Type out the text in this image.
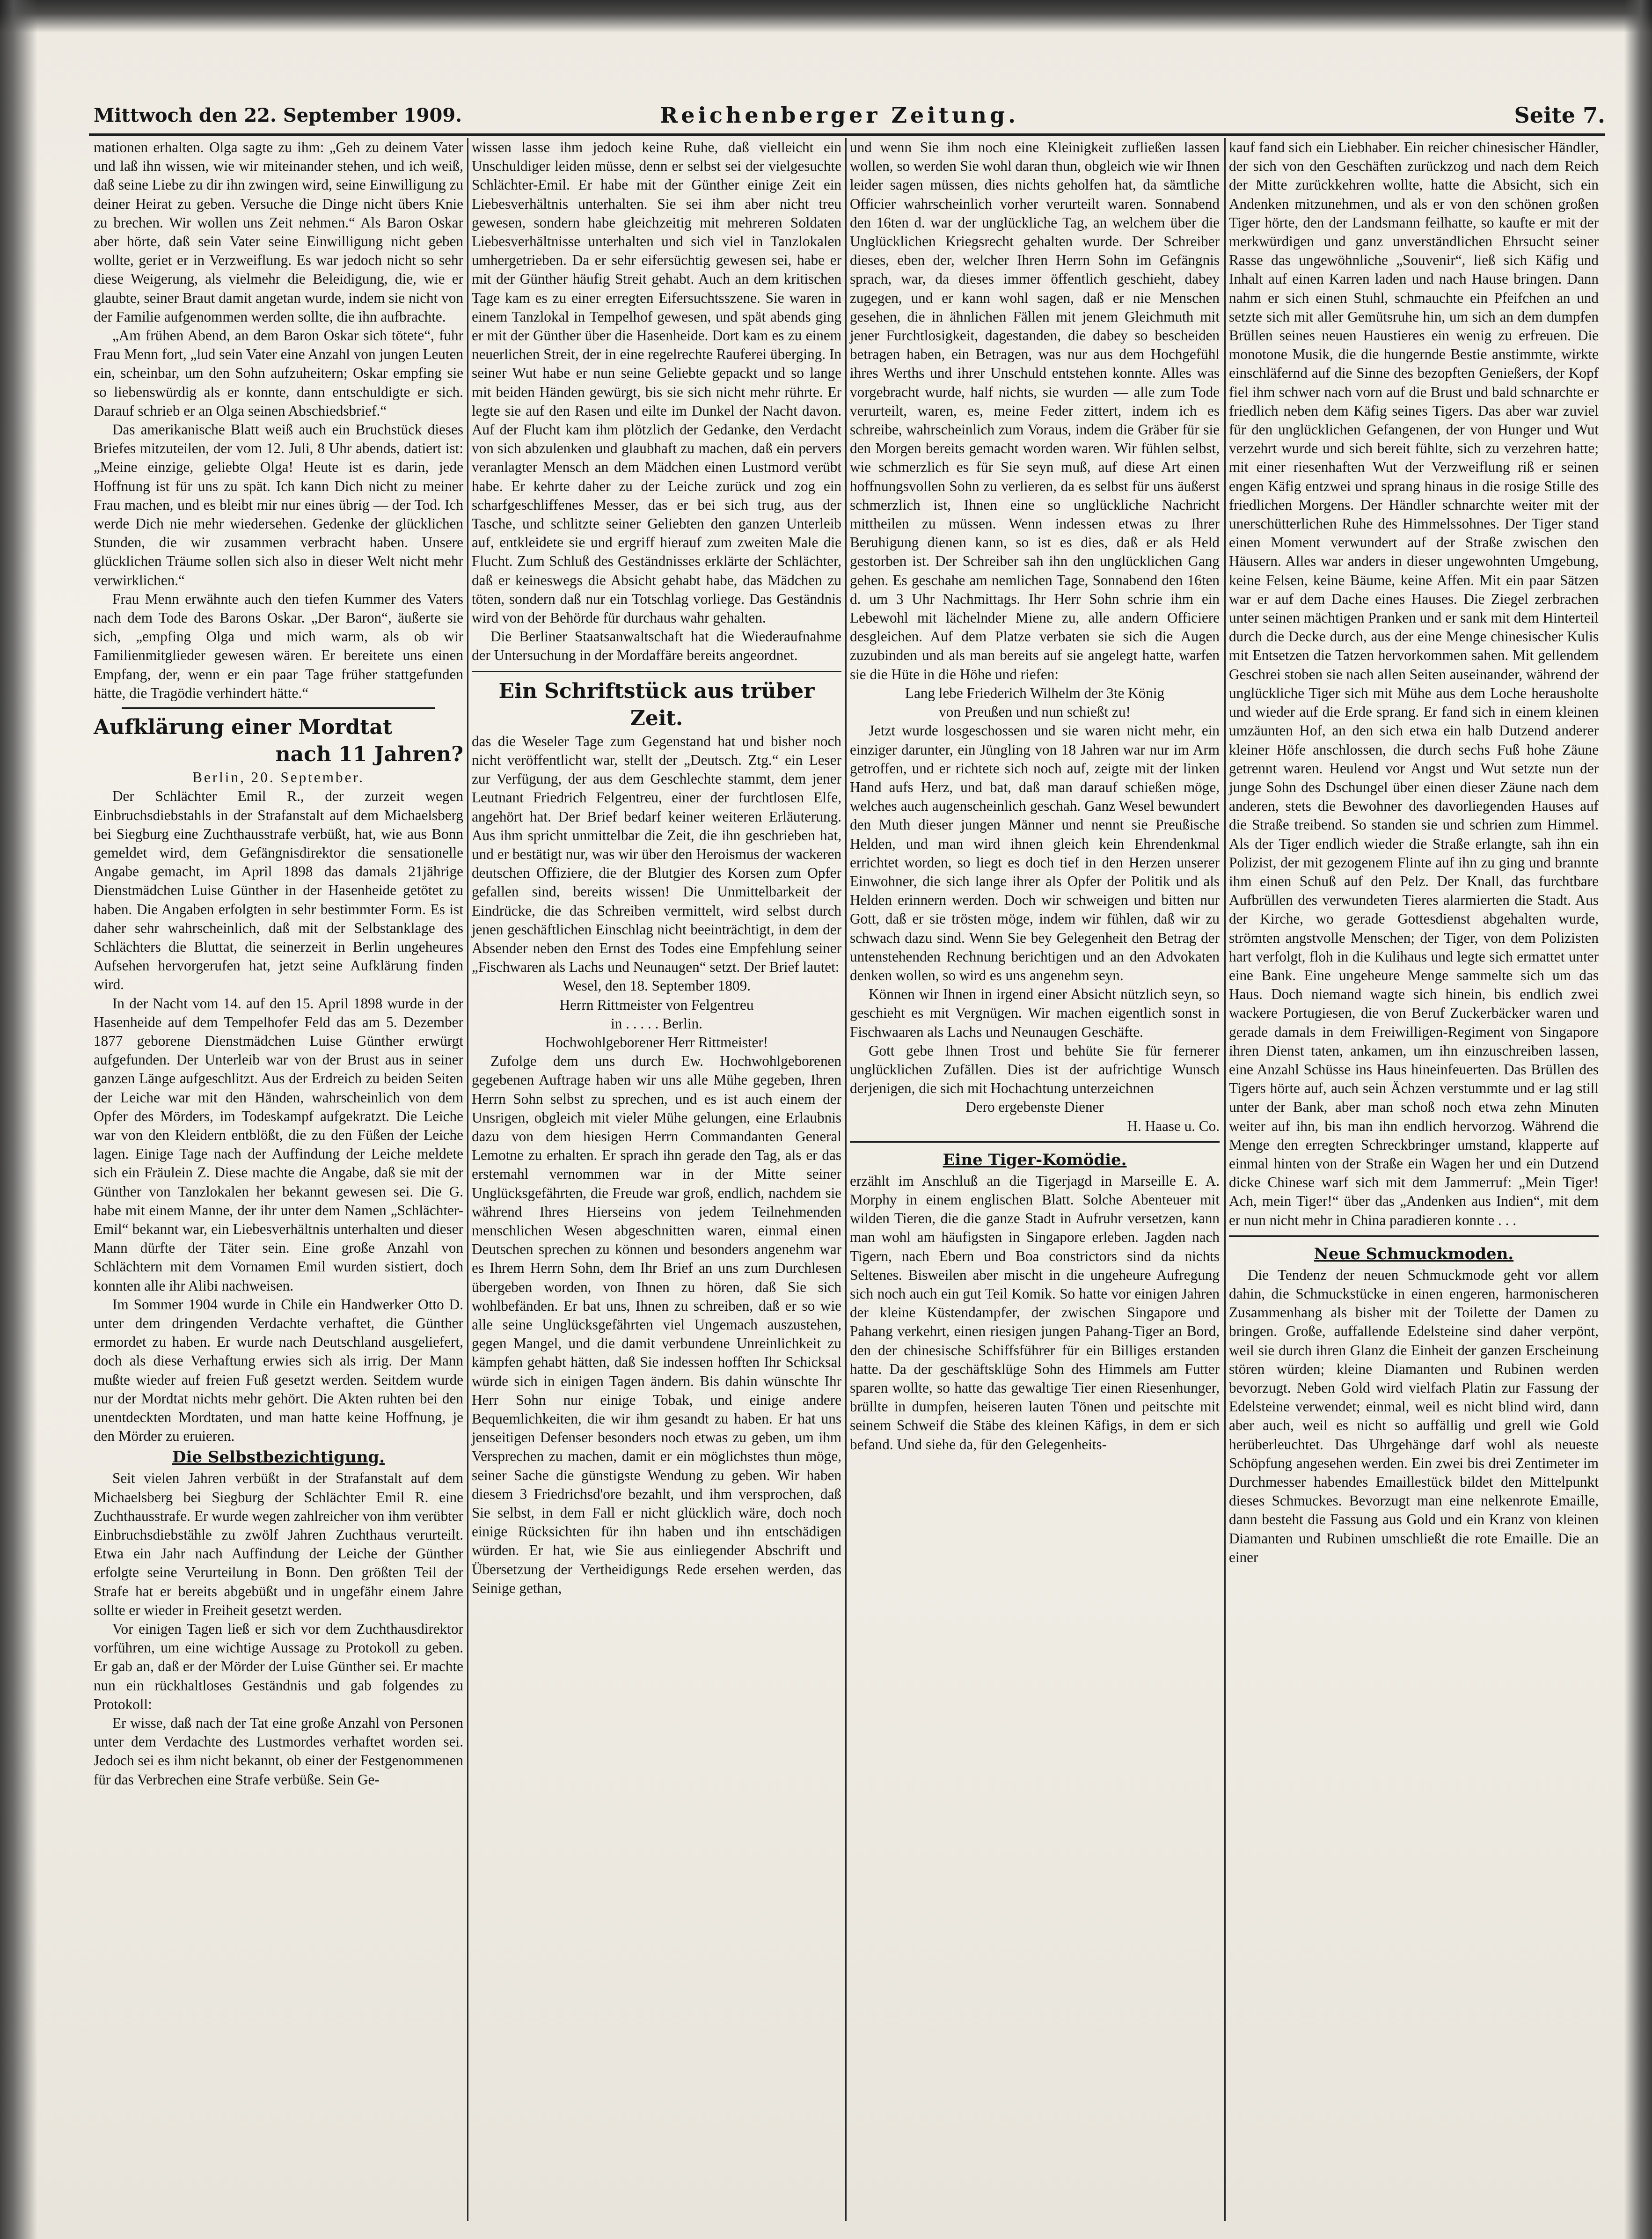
Mittwoch den 22. September 1909.	Reichenberger Zeitung.	Seite 7.

mationen erhalten. Olga sagte zu ihm: „Geh zu deinem Vater und laß ihn wissen, wie wir miteinander stehen, und ich weiß, daß seine Liebe zu dir ihn zwingen wird, seine Einwilligung zu deiner Heirat zu geben. Versuche die Dinge nicht übers Knie zu brechen. Wir wollen uns Zeit nehmen.“ Als Baron Oskar aber hörte, daß sein Vater seine Einwilligung nicht geben wollte, geriet er in Verzweiflung. Es war jedoch nicht so sehr diese Weigerung, als vielmehr die Beleidigung, die, wie er glaubte, seiner Braut damit angetan wurde, indem sie nicht von der Familie aufgenommen werden sollte, die ihn aufbrachte.

„Am frühen Abend, an dem Baron Oskar sich tötete“, fuhr Frau Menn fort, „lud sein Vater eine Anzahl von jungen Leuten ein, scheinbar, um den Sohn aufzuheitern; Oskar empfing sie so liebenswürdig als er konnte, dann entschuldigte er sich. Darauf schrieb er an Olga seinen Abschiedsbrief.“

Das amerikanische Blatt weiß auch ein Bruchstück dieses Briefes mitzuteilen, der vom 12. Juli, 8 Uhr abends, datiert ist: „Meine einzige, geliebte Olga! Heute ist es darin, jede Hoffnung ist für uns zu spät. Ich kann Dich nicht zu meiner Frau machen, und es bleibt mir nur eines übrig — der Tod. Ich werde Dich nie mehr wiedersehen. Gedenke der glücklichen Stunden, die wir zusammen verbracht haben. Unsere glücklichen Träume sollen sich also in dieser Welt nicht mehr verwirklichen.“

Frau Menn erwähnte auch den tiefen Kummer des Vaters nach dem Tode des Barons Oskar. „Der Baron“, äußerte sie sich, „empfing Olga und mich warm, als ob wir Familienmitglieder gewesen wären. Er bereitete uns einen Empfang, der, wenn er ein paar Tage früher stattgefunden hätte, die Tragödie verhindert hätte.“

Aufklärung einer Mordtat
nach 11 Jahren?

Berlin, 20. September.

Der Schlächter Emil R., der zurzeit wegen Einbruchsdiebstahls in der Strafanstalt auf dem Michaelsberg bei Siegburg eine Zuchthausstrafe verbüßt, hat, wie aus Bonn gemeldet wird, dem Gefängnisdirektor die sensationelle Angabe gemacht, im April 1898 das damals 21jährige Dienstmädchen Luise Günther in der Hasenheide getötet zu haben. Die Angaben erfolgten in sehr bestimmter Form. Es ist daher sehr wahrscheinlich, daß mit der Selbstanklage des Schlächters die Bluttat, die seinerzeit in Berlin ungeheures Aufsehen hervorgerufen hat, jetzt seine Aufklärung finden wird.

In der Nacht vom 14. auf den 15. April 1898 wurde in der Hasenheide auf dem Tempelhofer Feld das am 5. Dezember 1877 geborene Dienstmädchen Luise Günther erwürgt aufgefunden. Der Unterleib war von der Brust aus in seiner ganzen Länge aufgeschlitzt. Aus der Erdreich zu beiden Seiten der Leiche war mit den Händen, wahrscheinlich von dem Opfer des Mörders, im Todeskampf aufgekratzt. Die Leiche war von den Kleidern entblößt, die zu den Füßen der Leiche lagen. Einige Tage nach der Auffindung der Leiche meldete sich ein Fräulein Z. Diese machte die Angabe, daß sie mit der Günther von Tanzlokalen her bekannt gewesen sei. Die G. habe mit einem Manne, der ihr unter dem Namen „Schlächter-Emil“ bekannt war, ein Liebesverhältnis unterhalten und dieser Mann dürfte der Täter sein. Eine große Anzahl von Schlächtern mit dem Vornamen Emil wurden sistiert, doch konnten alle ihr Alibi nachweisen.

Im Sommer 1904 wurde in Chile ein Handwerker Otto D. unter dem dringenden Verdachte verhaftet, die Günther ermordet zu haben. Er wurde nach Deutschland ausgeliefert, doch als diese Verhaftung erwies sich als irrig. Der Mann mußte wieder auf freien Fuß gesetzt werden. Seitdem wurde nur der Mordtat nichts mehr gehört. Die Akten ruhten bei den unentdeckten Mordtaten, und man hatte keine Hoffnung, je den Mörder zu eruieren.

Die Selbstbezichtigung.

Seit vielen Jahren verbüßt in der Strafanstalt auf dem Michaelsberg bei Siegburg der Schlächter Emil R. eine Zuchthausstrafe. Er wurde wegen zahlreicher von ihm verübter Einbruchsdiebstähle zu zwölf Jahren Zuchthaus verurteilt. Etwa ein Jahr nach Auffindung der Leiche der Günther erfolgte seine Verurteilung in Bonn. Den größten Teil der Strafe hat er bereits abgebüßt und in ungefähr einem Jahre sollte er wieder in Freiheit gesetzt werden.

Vor einigen Tagen ließ er sich vor dem Zuchthausdirektor vorführen, um eine wichtige Aussage zu Protokoll zu geben. Er gab an, daß er der Mörder der Luise Günther sei. Er machte nun ein rückhaltloses Geständnis und gab folgendes zu Protokoll:

Er wisse, daß nach der Tat eine große Anzahl von Personen unter dem Verdachte des Lustmordes verhaftet worden sei. Jedoch sei es ihm nicht bekannt, ob einer der Festgenommenen für das Verbrechen eine Strafe verbüße. Sein Ge-

wissen lasse ihm jedoch keine Ruhe, daß vielleicht ein Unschuldiger leiden müsse, denn er selbst sei der vielgesuchte Schlächter-Emil. Er habe mit der Günther einige Zeit ein Liebesverhältnis unterhalten. Sie sei ihm aber nicht treu gewesen, sondern habe gleichzeitig mit mehreren Soldaten Liebesverhältnisse unterhalten und sich viel in Tanzlokalen umhergetrieben. Da er sehr eifersüchtig gewesen sei, habe er mit der Günther häufig Streit gehabt. Auch an dem kritischen Tage kam es zu einer erregten Eifersuchtsszene. Sie waren in einem Tanzlokal in Tempelhof gewesen, und spät abends ging er mit der Günther über die Hasenheide. Dort kam es zu einem neuerlichen Streit, der in eine regelrechte Rauferei überging. In seiner Wut habe er nun seine Geliebte gepackt und so lange mit beiden Händen gewürgt, bis sie sich nicht mehr rührte. Er legte sie auf den Rasen und eilte im Dunkel der Nacht davon. Auf der Flucht kam ihm plötzlich der Gedanke, den Verdacht von sich abzulenken und glaubhaft zu machen, daß ein pervers veranlagter Mensch an dem Mädchen einen Lustmord verübt habe. Er kehrte daher zu der Leiche zurück und zog ein scharfgeschliffenes Messer, das er bei sich trug, aus der Tasche, und schlitzte seiner Geliebten den ganzen Unterleib auf, entkleidete sie und ergriff hierauf zum zweiten Male die Flucht. Zum Schluß des Geständnisses erklärte der Schlächter, daß er keineswegs die Absicht gehabt habe, das Mädchen zu töten, sondern daß nur ein Totschlag vorliege. Das Geständnis wird von der Behörde für durchaus wahr gehalten.

Die Berliner Staatsanwaltschaft hat die Wiederaufnahme der Untersuchung in der Mordaffäre bereits angeordnet.

Ein Schriftstück aus trüber Zeit.

das die Weseler Tage zum Gegenstand hat und bisher noch nicht veröffentlicht war, stellt der „Deutsch. Ztg.“ ein Leser zur Verfügung, der aus dem Geschlechte stammt, dem jener Leutnant Friedrich Felgentreu, einer der furchtlosen Elfe, angehört hat. Der Brief bedarf keiner weiteren Erläuterung. Aus ihm spricht unmittelbar die Zeit, die ihn geschrieben hat, und er bestätigt nur, was wir über den Heroismus der wackeren deutschen Offiziere, die der Blutgier des Korsen zum Opfer gefallen sind, bereits wissen! Die Unmittelbarkeit der Eindrücke, die das Schreiben vermittelt, wird selbst durch jenen geschäftlichen Einschlag nicht beeinträchtigt, in dem der Absender neben den Ernst des Todes eine Empfehlung seiner „Fischwaren als Lachs und Neunaugen“ setzt. Der Brief lautet:

Wesel, den 18. September 1809.

Herrn Rittmeister von Felgentreu

in . . . . . Berlin.

Hochwohlgeborener Herr Rittmeister!

Zufolge dem uns durch Ew. Hochwohlgeborenen gegebenen Auftrage haben wir uns alle Mühe gegeben, Ihren Herrn Sohn selbst zu sprechen, und es ist auch einem der Unsrigen, obgleich mit vieler Mühe gelungen, eine Erlaubnis dazu von dem hiesigen Herrn Commandanten General Lemotne zu erhalten. Er sprach ihn gerade den Tag, als er das erstemahl vernommen war in der Mitte seiner Unglücksgefährten, die Freude war groß, endlich, nachdem sie während Ihres Hierseins von jedem Teilnehmenden menschlichen Wesen abgeschnitten waren, einmal einen Deutschen sprechen zu können und besonders angenehm war es Ihrem Herrn Sohn, dem Ihr Brief an uns zum Durchlesen übergeben worden, von Ihnen zu hören, daß Sie sich wohlbefänden. Er bat uns, Ihnen zu schreiben, daß er so wie alle seine Unglücksgefährten viel Ungemach auszustehen, gegen Mangel, und die damit verbundene Unreinlichkeit zu kämpfen gehabt hätten, daß Sie indessen hofften Ihr Schicksal würde sich in einigen Tagen ändern. Bis dahin wünschte Ihr Herr Sohn nur einige Tobak, und einige andere Bequemlichkeiten, die wir ihm gesandt zu haben. Er hat uns jenseitigen Defenser besonders noch etwas zu geben, um ihm Versprechen zu machen, damit er ein möglichstes thun möge, seiner Sache die günstigste Wendung zu geben. Wir haben diesem 3 Friedrichsd'ore bezahlt, und ihm versprochen, daß Sie selbst, in dem Fall er nicht glücklich wäre, doch noch einige Rücksichten für ihn haben und ihn entschädigen würden. Er hat, wie Sie aus einliegender Abschrift und Übersetzung der Vertheidigungs Rede ersehen werden, das Seinige gethan,

und wenn Sie ihm noch eine Kleinigkeit zufließen lassen wollen, so werden Sie wohl daran thun, obgleich wie wir Ihnen leider sagen müssen, dies nichts geholfen hat, da sämtliche Officier wahrscheinlich vorher verurteilt waren. Sonnabend den 16ten d. war der unglückliche Tag, an welchem über die Unglücklichen Kriegsrecht gehalten wurde. Der Schreiber dieses, eben der, welcher Ihren Herrn Sohn im Gefängnis sprach, war, da dieses immer öffentlich geschieht, dabey zugegen, und er kann wohl sagen, daß er nie Menschen gesehen, die in ähnlichen Fällen mit jenem Gleichmuth mit jener Furchtlosigkeit, dagestanden, die dabey so bescheiden betragen haben, ein Betragen, was nur aus dem Hochgefühl ihres Werths und ihrer Unschuld entstehen konnte. Alles was vorgebracht wurde, half nichts, sie wurden — alle zum Tode verurteilt, waren, es, meine Feder zittert, indem ich es schreibe, wahrscheinlich zum Voraus, indem die Gräber für sie den Morgen bereits gemacht worden waren. Wir fühlen selbst, wie schmerzlich es für Sie seyn muß, auf diese Art einen hoffnungsvollen Sohn zu verlieren, da es selbst für uns äußerst schmerzlich ist, Ihnen eine so unglückliche Nachricht mittheilen zu müssen. Wenn indessen etwas zu Ihrer Beruhigung dienen kann, so ist es dies, daß er als Held gestorben ist. Der Schreiber sah ihn den unglücklichen Gang gehen. Es geschahe am nemlichen Tage, Sonnabend den 16ten d. um 3 Uhr Nachmittags. Ihr Herr Sohn schrie ihm ein Lebewohl mit lächelnder Miene zu, alle andern Officiere desgleichen. Auf dem Platze verbaten sie sich die Augen zuzubinden und als man bereits auf sie angelegt hatte, warfen sie die Hüte in die Höhe und riefen:

Lang lebe Friederich Wilhelm der 3te König

von Preußen und nun schießt zu!

Jetzt wurde losgeschossen und sie waren nicht mehr, ein einziger darunter, ein Jüngling von 18 Jahren war nur im Arm getroffen, und er richtete sich noch auf, zeigte mit der linken Hand aufs Herz, und bat, daß man darauf schießen möge, welches auch augenscheinlich geschah. Ganz Wesel bewundert den Muth dieser jungen Männer und nennt sie Preußische Helden, und man wird ihnen gleich kein Ehrendenkmal errichtet worden, so liegt es doch tief in den Herzen unserer Einwohner, die sich lange ihrer als Opfer der Politik und als Helden erinnern werden. Doch wir schweigen und bitten nur Gott, daß er sie trösten möge, indem wir fühlen, daß wir zu schwach dazu sind. Wenn Sie bey Gelegenheit den Betrag der untenstehenden Rechnung berichtigen und an den Advokaten denken wollen, so wird es uns angenehm seyn.

Können wir Ihnen in irgend einer Absicht nützlich seyn, so geschieht es mit Vergnügen. Wir machen eigentlich sonst in Fischwaaren als Lachs und Neunaugen Geschäfte.

Gott gebe Ihnen Trost und behüte Sie für fernerer unglücklichen Zufällen. Dies ist der aufrichtige Wunsch derjenigen, die sich mit Hochachtung unterzeichnen

Dero ergebenste Diener

H. Haase u. Co.

Eine Tiger-Komödie.

erzählt im Anschluß an die Tigerjagd in Marseille E. A. Morphy in einem englischen Blatt. Solche Abenteuer mit wilden Tieren, die die ganze Stadt in Aufruhr versetzen, kann man wohl am häufigsten in Singapore erleben. Jagden nach Tigern, nach Ebern und Boa constrictors sind da nichts Seltenes. Bisweilen aber mischt in die ungeheure Aufregung sich noch auch ein gut Teil Komik. So hatte vor einigen Jahren der kleine Küstendampfer, der zwischen Singapore und Pahang verkehrt, einen riesigen jungen Pahang-Tiger an Bord, den der chinesische Schiffsführer für ein Billiges erstanden hatte. Da der geschäftsklüge Sohn des Himmels am Futter sparen wollte, so hatte das gewaltige Tier einen Riesenhunger, brüllte in dumpfen, heiseren lauten Tönen und peitschte mit seinem Schweif die Stäbe des kleinen Käfigs, in dem er sich befand. Und siehe da, für den Gelegenheits-

kauf fand sich ein Liebhaber. Ein reicher chinesischer Händler, der sich von den Geschäften zurückzog und nach dem Reich der Mitte zurückkehren wollte, hatte die Absicht, sich ein Andenken mitzunehmen, und als er von den schönen großen Tiger hörte, den der Landsmann feilhatte, so kaufte er mit der merkwürdigen und ganz unverständlichen Ehrsucht seiner Rasse das ungewöhnliche „Souvenir“, ließ sich Käfig und Inhalt auf einen Karren laden und nach Hause bringen. Dann nahm er sich einen Stuhl, schmauchte ein Pfeifchen an und setzte sich mit aller Gemütsruhe hin, um sich an dem dumpfen Brüllen seines neuen Haustieres ein wenig zu erfreuen. Die monotone Musik, die die hungernde Bestie anstimmte, wirkte einschläfernd auf die Sinne des bezopften Genießers, der Kopf fiel ihm schwer nach vorn auf die Brust und bald schnarchte er friedlich neben dem Käfig seines Tigers. Das aber war zuviel für den unglücklichen Gefangenen, der von Hunger und Wut verzehrt wurde und sich bereit fühlte, sich zu verzehren hatte; mit einer riesenhaften Wut der Verzweiflung riß er seinen engen Käfig entzwei und sprang hinaus in die rosige Stille des friedlichen Morgens. Der Händler schnarchte weiter mit der unerschütterlichen Ruhe des Himmelssohnes. Der Tiger stand einen Moment verwundert auf der Straße zwischen den Häusern. Alles war anders in dieser ungewohnten Umgebung, keine Felsen, keine Bäume, keine Affen. Mit ein paar Sätzen war er auf dem Dache eines Hauses. Die Ziegel zerbrachen unter seinen mächtigen Pranken und er sank mit dem Hinterteil durch die Decke durch, aus der eine Menge chinesischer Kulis mit Entsetzen die Tatzen hervorkommen sahen. Mit gellendem Geschrei stoben sie nach allen Seiten auseinander, während der unglückliche Tiger sich mit Mühe aus dem Loche herausholte und wieder auf die Erde sprang. Er fand sich in einem kleinen umzäunten Hof, an den sich etwa ein halb Dutzend anderer kleiner Höfe anschlossen, die durch sechs Fuß hohe Zäune getrennt waren. Heulend vor Angst und Wut setzte nun der junge Sohn des Dschungel über einen dieser Zäune nach dem anderen, stets die Bewohner des davorliegenden Hauses auf die Straße treibend. So standen sie und schrien zum Himmel. Als der Tiger endlich wieder die Straße erlangte, sah ihn ein Polizist, der mit gezogenem Flinte auf ihn zu ging und brannte ihm einen Schuß auf den Pelz. Der Knall, das furchtbare Aufbrüllen des verwundeten Tieres alarmierten die Stadt. Aus der Kirche, wo gerade Gottesdienst abgehalten wurde, strömten angstvolle Menschen; der Tiger, von dem Polizisten hart verfolgt, floh in die Kulihaus und legte sich ermattet unter eine Bank. Eine ungeheure Menge sammelte sich um das Haus. Doch niemand wagte sich hinein, bis endlich zwei wackere Portugiesen, die von Beruf Zuckerbäcker waren und gerade damals in dem Freiwilligen-Regiment von Singapore ihren Dienst taten, ankamen, um ihn einzuschreiben lassen, eine Anzahl Schüsse ins Haus hineinfeuerten. Das Brüllen des Tigers hörte auf, auch sein Ächzen verstummte und er lag still unter der Bank, aber man schoß noch etwa zehn Minuten weiter auf ihn, bis man ihn endlich hervorzog. Während die Menge den erregten Schreckbringer umstand, klapperte auf einmal hinten von der Straße ein Wagen her und ein Dutzend dicke Chinese warf sich mit dem Jammerruf: „Mein Tiger! Ach, mein Tiger!“ über das „Andenken aus Indien“, mit dem er nun nicht mehr in China paradieren konnte . . .

Neue Schmuckmoden.

Die Tendenz der neuen Schmuckmode geht vor allem dahin, die Schmuckstücke in einen engeren, harmonischeren Zusammenhang als bisher mit der Toilette der Damen zu bringen. Große, auffallende Edelsteine sind daher verpönt, weil sie durch ihren Glanz die Einheit der ganzen Erscheinung stören würden; kleine Diamanten und Rubinen werden bevorzugt. Neben Gold wird vielfach Platin zur Fassung der Edelsteine verwendet; einmal, weil es nicht blind wird, dann aber auch, weil es nicht so auffällig und grell wie Gold herüberleuchtet. Das Uhrgehänge darf wohl als neueste Schöpfung angesehen werden. Ein zwei bis drei Zentimeter im Durchmesser habendes Emaillestück bildet den Mittelpunkt dieses Schmuckes. Bevorzugt man eine nelkenrote Emaille, dann besteht die Fassung aus Gold und ein Kranz von kleinen Diamanten und Rubinen umschließt die rote Emaille. Die an einer
